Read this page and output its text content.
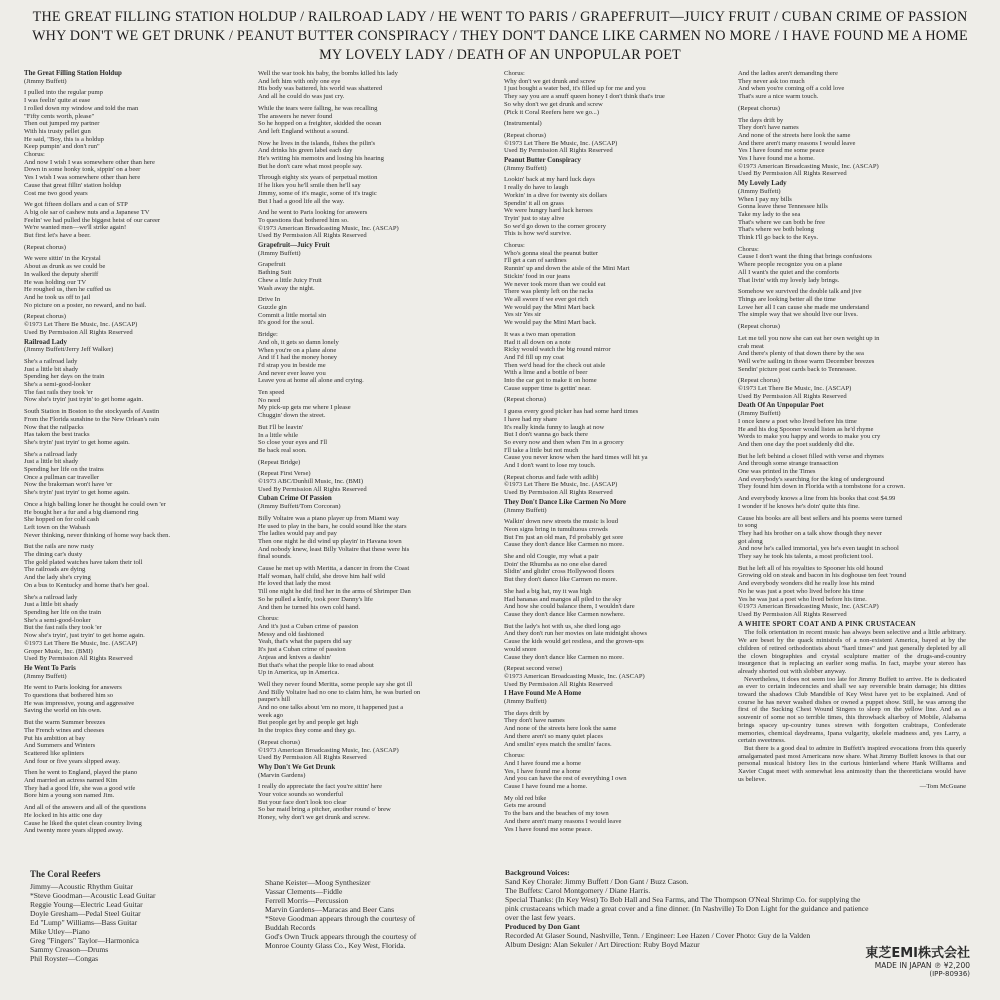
THE GREAT FILLING STATION HOLDUP / RAILROAD LADY / HE WENT TO PARIS / GRAPEFRUIT—JUICY FRUIT / CUBAN CRIME OF PASSION

WHY DON'T WE GET DRUNK / PEANUT BUTTER CONSPIRACY / THEY DON'T DANCE LIKE CARMEN NO MORE / I HAVE FOUND ME A HOME

MY LOVELY LADY / DEATH OF AN UNPOPULAR POET

The Great Filling Station Holdup
(Jimmy Buffett)
I pulled into the regular pump
I was feelin' quite at ease
I rolled down my window and told the man
"Fifty cents worth, please"
Then out jumped my partner
With his trusty pellet gun
He said, "Boy, this is a holdup
Keep pumpin' and don't run"
Chorus:
And now I wish I was somewhere other than here
Down in some honky tonk, sippin' on a beer
Yes I wish I was somewhere other than here
Cause that great fillin' station holdup
Cost me two good years
We got fifteen dollars and a can of STP
A big ole sar of cashew nuts and a Japanese TV
Feelin' we had pulled the biggest heist of our career
We're wanted men—we'll strike again!
But first let's have a beer.
(Repeat chorus)
We were sittin' in the Krystal
About as drunk as we could be
In walked the deputy sheriff
He was holding our TV
He roughed us, then he cuffed us
And he took us off to jail
No picture on a poster, no reward, and no bail.
(Repeat chorus)
©1973 Let There Be Music, Inc. (ASCAP)
Used By Permission All Rights Reserved
Railroad Lady
(Jimmy Buffett/Jerry Jeff Walker)
She's a railroad lady
Just a little bit shady
Spending her days on the train
She's a semi-good-looker
The fast rails they took 'er
Now she's tryin' just tryin' to get home again.
South Station in Boston to the stockyards of Austin
From the Florida sunshine to the New Orlean's rain
Now that the railpacks
Has taken the best tracks
She's tryin' just tryin' to get home again.
She's a railroad lady
Just a little bit shady
Spending her life on the trains
Once a pullman car traveller
Now the brakeman won't have 'er
She's tryin' just tryin' to get home again.
Once a high balling loner he thought he could own 'er
He bought her a fur and a big diamond ring
She hopped on for cold cash
Left town on the Wabash
Never thinking, never thinking of home way back then.
But the rails are now rusty
The dining car's dusty
The gold plated watches have taken their toll
The railroads are dying
And the lady she's crying
On a bus to Kentucky and home that's her goal.
She's a railroad lady
Just a little bit shady
Spending her life on the train
She's a semi-good-looker
But the fast rails they took 'er
Now she's tryin', just tryin' to get home again.
©1973 Let There Be Music, Inc. (ASCAP)
Groper Music, Inc. (BMI)
Used By Permission All Rights Reserved
He Went To Paris
(Jimmy Buffett)
He went to Paris looking for answers
To questions that bothered him so
He was impressive, young and aggressive
Saving the world on his own.
But the warm Summer breezes
The French wines and cheeses
Put his ambition at bay
And Summers and Winters
Scattered like splinters
And four or five years slipped away.
Then he went to England, played the piano
And married an actress named Kim
They had a good life, she was a good wife
Bore him a young son named Jim.
And all of the answers and all of the questions
He locked in his attic one day
Cause he liked the quiet clean country living
And twenty more years slipped away.
Well the war took his baby, the bombs killed his lady
And left him with only one eye
His body was battered, his world was shattered
And all he could do was just cry.
While the tears were falling, he was recalling
The answers he never found
So he hopped on a freighter, skidded the ocean
And left England without a sound.
Now he lives in the islands, fishes the pilin's
And drinks his green label each day
He's writing his memoirs and losing his hearing
But he don't care what most people say.
Through eighty six years of perpetual motion
If he likes you he'll smile then he'll say
Jimmy, some of it's magic, some of it's tragic
But I had a good life all the way.
And he went to Paris looking for answers
To questions that bothered him so.
©1973 American Broadcasting Music, Inc. (ASCAP)
Used By Permission All Rights Reserved
Grapefruit—Juicy Fruit
(Jimmy Buffett)
Grapefruit
Bathing Suit
Chew a little Juicy Fruit
Wash away the night.
Drive In
Guzzle gin
Commit a little mortal sin
It's good for the soul.
Bridge:
And oh, it gets so damn lonely
When you're on a plane alone
And if I had the money honey
I'd strap you in beside me
And never ever leave you
Leave you at home all alone and crying.
Ten speed
No need
My pick-up gets me where I please
Chuggin' down the street.
But I'll be leavin'
In a little while
So close your eyes and I'll
Be back real soon.
(Repeat Bridge)
(Repeat First Verse)
©1973 ABC/Dunhill Music, Inc. (BMI)
Used By Permission All Rights Reserved
Cuban Crime Of Passion
(Jimmy Buffett/Tom Corcoran)
Billy Voltaire was a piano player up from Miami way
He used to play in the bars, he could sound like the stars
The ladies would pay and pay
Then one night he did wind up playin' in Havana town
And nobody knew, least Billy Voltaire that these were his
final sounds.
Cause he met up with Meritta, a dancer in from the Coast
Half woman, half child, she drove him half wild
He loved that lady the most
Till one night he did find her in the arms of Shrimper Dan
So he pulled a knife, took poor Danny's life
And then he turned his own cold hand.
Chorus:
And it's just a Cuban crime of passion
Messy and old fashioned
Yeah, that's what the papers did say
It's just a Cuban crime of passion
Anjeas and knives a dashin'
But that's what the people like to read about
Up in America, up in America.
Well they never found Meritta, some people say she got ill
And Billy Voltaire had no one to claim him, he was buried on
pauper's hill
And no one talks about 'em no more, it happened just a
week ago
But people get by and people get high
In the tropics they come and they go.
(Repeat chorus)
©1973 American Broadcasting Music, Inc. (ASCAP)
Used By Permission All Rights Reserved
Why Don't We Get Drunk
(Marvin Gardens)
I really do appreciate the fact you're sittin' here
Your voice sounds so wonderful
But your face don't look too clear
So bar maid bring a pitcher, another round o' brew
Honey, why don't we get drunk and screw.
Chorus:
Why don't we get drunk and screw
I just bought a water bed, it's filled up for me and you
They say you are a snuff queen honey I don't think that's true
So why don't we get drunk and screw
(Pick it Coral Reefers here we go...)
(Instrumental)
(Repeat chorus)
©1973 Let There Be Music, Inc. (ASCAP)
Used By Permission All Rights Reserved
Peanut Butter Conspiracy
(Jimmy Buffett)
Lookin' back at my hard luck days
I really do have to laugh
Workin' in a dive for twenty six dollars
Spendin' it all on grass
We were hungry hard luck heroes
Tryin' just to stay alive
So we'd go down to the corner grocery
This is how we'd survive.
Chorus:
Who's gonna steal the peanut butter
I'll get a can of sardines
Runnin' up and down the aisle of the Mini Mart
Stickin' food in our jeans
We never took more than we could eat
There was plenty left on the racks
We all swore if we ever got rich
We would pay the Mini Mart back
Yes sir Yes sir
We would pay the Mini Mart back.
It was a two man operation
Had it all down on a note
Ricky would watch the big round mirror
And I'd fill up my coat
Then we'd head for the check out aisle
With a lime and a bottle of beer
Into the car got to make it on home
Cause supper time is gettin' near.
(Repeat chorus)
I guess every good picker has had some hard times
I have had my share
It's really kinda funny to laugh at now
But I don't wanna go back there
So every now and then when I'm in a grocery
I'll take a little but not much
Cause you never know when the hard times will hit ya
And I don't want to lose my touch.
(Repeat chorus and fade with adlib)
©1973 Let There Be Music, Inc. (ASCAP)
Used By Permission All Rights Reserved
They Don't Dance Like Carmen No More
(Jimmy Buffett)
Walkin' down new streets the music is loud
Neon signs bring in tumultuous crowds
But I'm just an old man, I'd probably get sore
Cause they don't dance like Carmen no more.
She and old Cougie, my what a pair
Doin' the Rhumba as no one else dared
Slidin' and glidin' cross Hollywood floors
But they don't dance like Carmen no more.
She had a big hat, my it was high
Had bananas and mangos all piled to the sky
And how she could balance them, I wouldn't dare
Cause they don't dance like Carmen nowhere.
But the lady's hot with us, she died long ago
And they don't run her movies on late midnight shows
Cause the kids would get restless, and the grown-ups
would snore
Cause they don't dance like Carmen no more.
(Repeat second verse)
©1973 American Broadcasting Music, Inc. (ASCAP)
Used By Permission All Rights Reserved
I Have Found Me A Home
(Jimmy Buffett)
The days drift by
They don't have names
And none of the streets here look the same
And there aren't so many quiet places
And smilin' eyes match the smilin' faces.
Chorus:
And I have found me a home
Yes, I have found me a home
And you can have the rest of everything I own
Cause I have found me a home.
My old red bike
Gets me around
To the bars and the beaches of my town
And there aren't many reasons I would leave
Yes I have found me some peace.
And the ladies aren't demanding there
They never ask too much
And when you're coming off a cold love
That's sure a nice warm touch.
(Repeat chorus)
The days drift by
They don't have names
And none of the streets here look the same
And there aren't many reasons I would leave
Yes I have found me some peace
Yes I have found me a home.
©1973 American Broadcasting Music, Inc. (ASCAP)
Used By Permission All Rights Reserved
My Lovely Lady
(Jimmy Buffett)
When I pay my bills
Gonna leave these Tennessee hills
Take my lady to the sea
That's where we can both be free
That's where we both belong
Think I'll go back to the Keys.
Chorus:
Cause I don't want the thing that brings confusions
Where people recognize you on a plane
All I want's the quiet and the comforts
That livin' with my lovely lady brings.
Somehow we survived the double talk and jive
Things are looking better all the time
Lowe her all I can cause she made me understand
The simple way that we should live our lives.
(Repeat chorus)
Let me tell you now she can eat her own weight up in
crab meat
And there's plenty of that down there by the sea
Well we're sailing in those warm December breezes
Sendin' picture post cards back to Tennessee.
(Repeat chorus)
©1973 Let There Be Music, Inc. (ASCAP)
Used By Permission All Rights Reserved
Death Of An Unpopular Poet
(Jimmy Buffett)
I once knew a poet who lived before his time
He and his dog Spooner would listen as he'd rhyme
Words to make you happy and words to make you cry
And then one day the poet suddenly did die.
But he left behind a closet filled with verse and rhymes
And through some strange transaction
One was printed in the Times
And everybody's searching for the king of underground
They found him down in Florida with a tombstone for a crown.
And everybody knows a line from his books that cost $4.99
I wonder if he knows he's doin' quite this fine.
Cause his books are all best sellers and his poems were turned
to song
They had his brother on a talk show though they never
got along
And now he's called immortal, yes he's even taught in school
They say he took his talents, a most proficient tool.
But he left all of his royalties to Spooner his old hound
Growing old on steak and bacon in his doghouse ten feet 'round
And everybody wonders did he really lose his mind
No he was just a poet who lived before his time
Yes he was just a poet who lived before his time.
©1973 American Broadcasting Music, Inc. (ASCAP)
Used By Permission All Rights Reserved
A WHITE SPORT COAT AND A PINK CRUSTACEAN

The folk orientation in recent music has always been selective and a little arbitrary. We are beset by the quack ministrels of a non-existent America, bayed at by the children of retired orthodontists about "hard times" and just generally depleted by all the clown biographies and crystal sculpture matter of the drugs-and-country insurgence that is replacing an earlier song mafia. In fact, maybe your stereo has already shorted out with slobber anyway.

Nevertheless, it does not seem too late for Jimmy Buffett to arrive. He is dedicated as ever to certain indecencies and shall we say reversible brain damage; his ditties toward the shadows Club Mandible of Key West have yet to be explained. And of course he has never washed dishes or owned a puppet show. Still, he was among the first of the Sucking Chest Wound Singers to sleep on the yellow line. And as a souvenir of some not so terrible times, this throwback altarboy of Mobile, Alabama brings spacey up-country tunes strewn with forgotten crabtraps, Confederate memories, chemical daydreams, Ipana vulgarity, ukelele madness and, yes Larry, a certain sweetness.

But there is a good deal to admire in Buffett's inspired evocations from this queerly amalgamated past most Americans now share. What Jimmy Buffett knows is that our personal musical history lies in the curious hinterland where Hank Williams and Xavier Cugat meet with somewhat less animosity than the theoreticians would have us believe.

—Tom McGuane
The Coral Reefers
Jimmy—Acoustic Rhythm Guitar
*Steve Goodman—Acoustic Lead Guitar
Reggie Young—Electric Lead Guitar
Doyle Gresham—Pedal Steel Guitar
Ed "Lump" Williams—Bass Guitar
Mike Utley—Piano
Greg "Fingers" Taylor—Harmonica
Sammy Creason—Drums
Phil Royster—Congas
Shane Keister—Moog Synthesizer
Vassar Clements—Fiddle
Ferrell Morris—Percussion
Marvin Gardens—Maracas and Beer Cans
*Steve Goodman appears through the courtesy of
Buddah Records
God's Own Truck appears through the courtesy of
Monroe County Glass Co., Key West, Florida.
Background Voices:
Sand Key Chorale: Jimmy Buffett / Don Gant / Buzz Cason.
The Buffets: Carol Montgomery / Diane Harris.
Special Thanks: (In Key West) To Bob Hall and Sea Farms, and The Thompson O'Neal Shrimp Co. for supplying the
pink crustaceans which made a great cover and a fine dinner. (In Nashville) To Don Light for the guidance and patience
over the last few years.
Produced by Don Gant
Recorded At Glaser Sound, Nashville, Tenn. / Engineer: Lee Hazen / Cover Photo: Guy de la Valden
Album Design: Alan Sekuler / Art Direction: Ruby Boyd Mazur
東芝EMI株式会社
MADE IN JAPAN ℗ ¥2,200
(IPP-80936)
